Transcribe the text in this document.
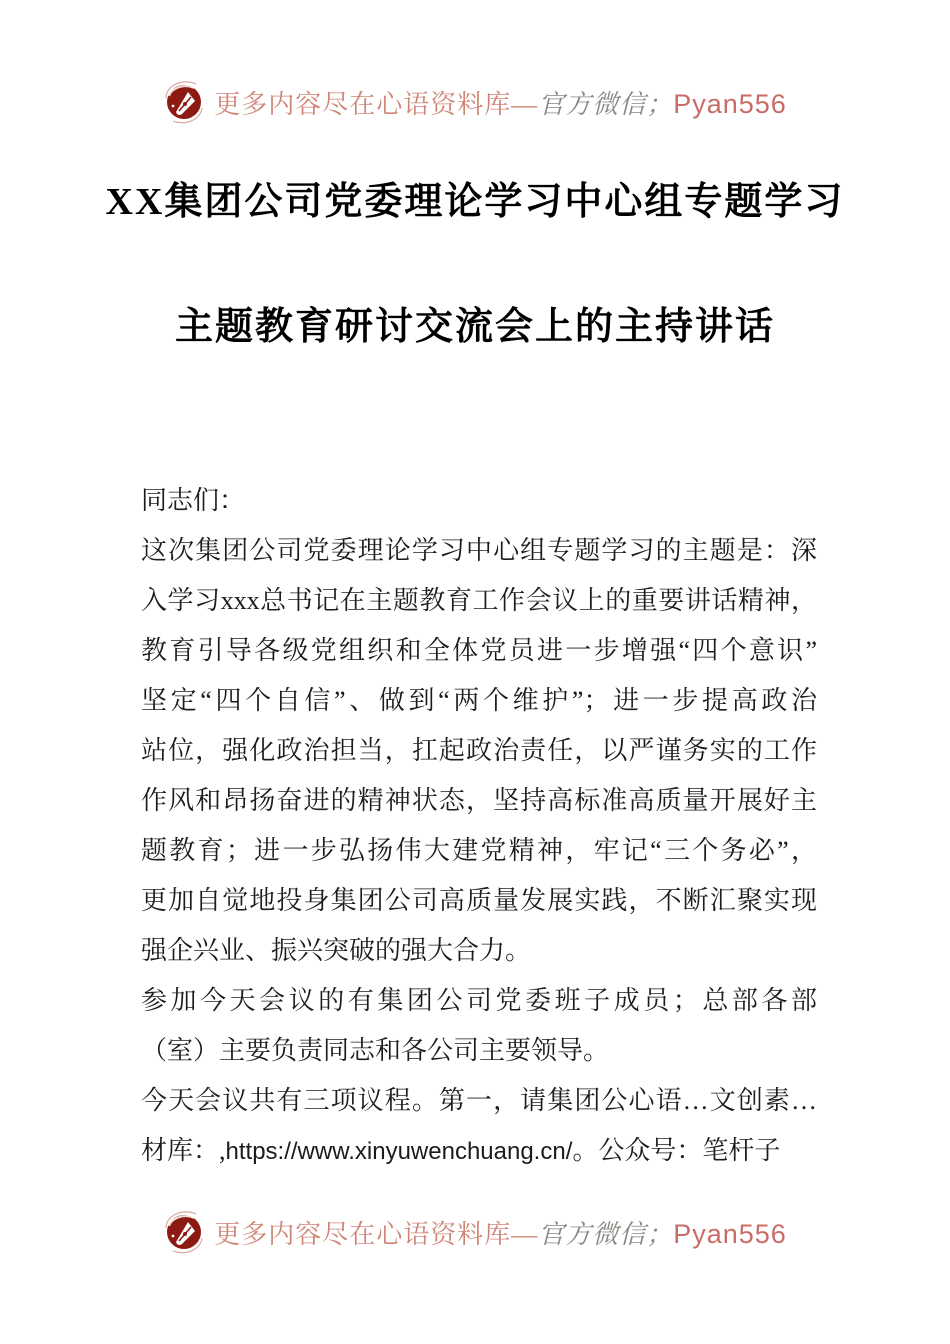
更多内容尽在心语资料库—官方微信；Pyan556
XX集团公司党委理论学习中心组专题学习
主题教育研讨交流会上的主持讲话
同志们：
这次集团公司党委理论学习中心组专题学习的主题是：深
入学习xxx总书记在主题教育工作会议上的重要讲话精神，
教育引导各级党组织和全体党员进一步增强“四个意识”
坚定“四个自信”、做到“两个维护”；进一步提高政治
站位，强化政治担当，扛起政治责任，以严谨务实的工作
作风和昂扬奋进的精神状态，坚持高标准高质量开展好主
题教育；进一步弘扬伟大建党精神，牢记“三个务必”，
更加自觉地投身集团公司高质量发展实践，不断汇聚实现
强企兴业、振兴突破的强大合力。
参加今天会议的有集团公司党委班子成员；总部各部
（室）主要负责同志和各公司主要领导。
今天会议共有三项议程。第一，请集团公心语…文创素…
材库：,https://www.xinyuwenchuang.cn/。公众号：笔杆子
更多内容尽在心语资料库—官方微信；Pyan556
